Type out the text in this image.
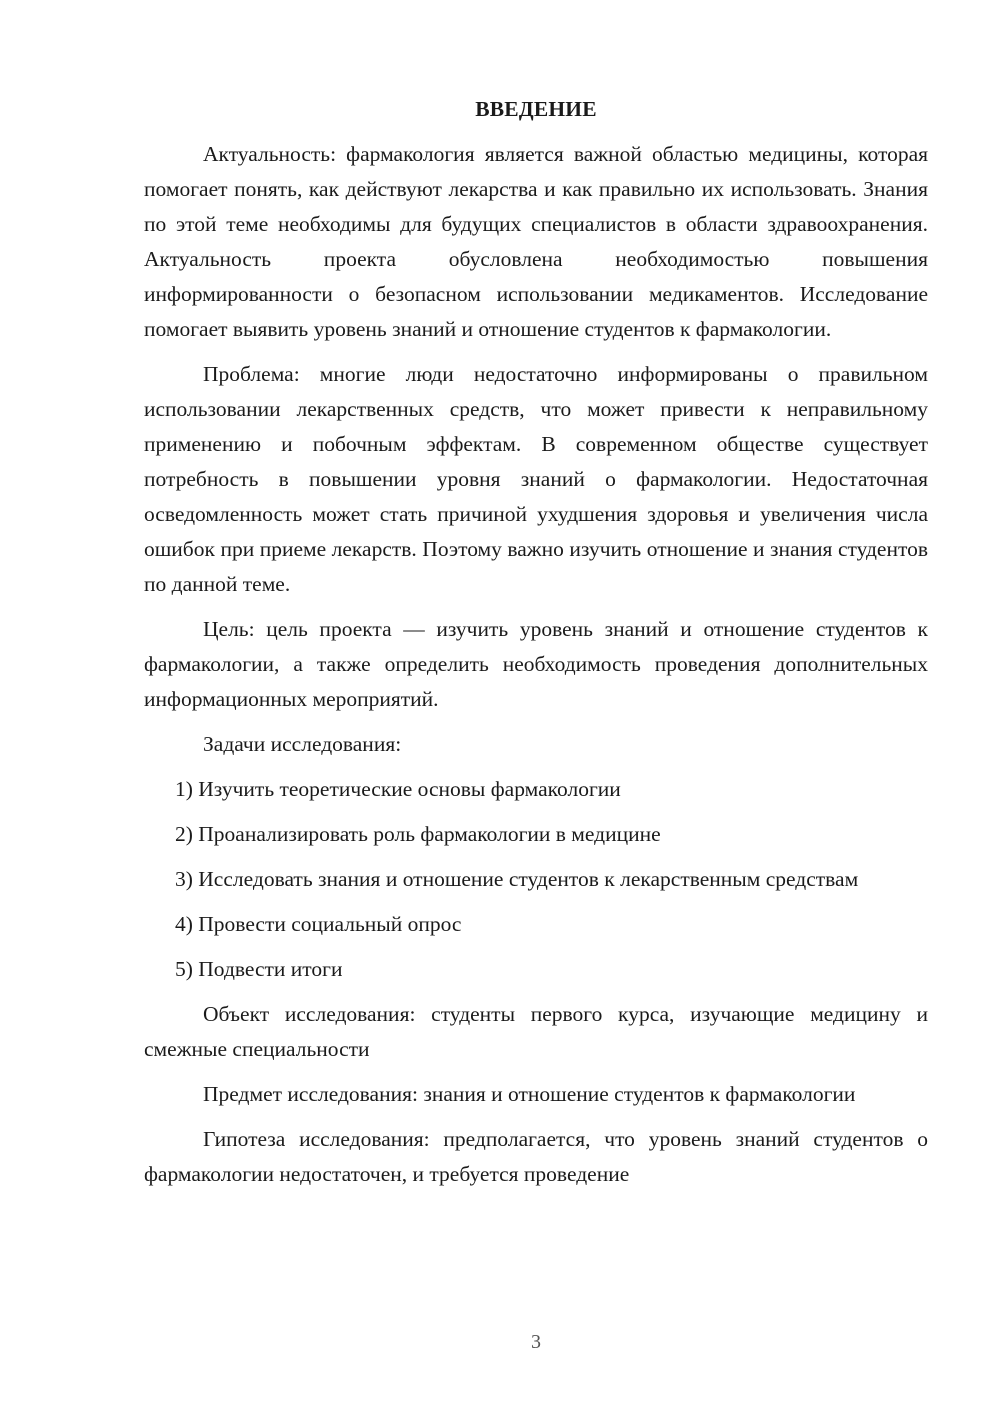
ВВЕДЕНИЕ

Актуальность: фармакология является важной областью медицины, которая помогает понять, как действуют лекарства и как правильно их использовать. Знания по этой теме необходимы для будущих специалистов в области здравоохранения. Актуальность проекта обусловлена необходимостью повышения информированности о безопасном использовании медикаментов. Исследование помогает выявить уровень знаний и отношение студентов к фармакологии.

Проблема: многие люди недостаточно информированы о правильном использовании лекарственных средств, что может привести к неправильному применению и побочным эффектам. В современном обществе существует потребность в повышении уровня знаний о фармакологии. Недостаточная осведомленность может стать причиной ухудшения здоровья и увеличения числа ошибок при приеме лекарств. Поэтому важно изучить отношение и знания студентов по данной теме.

Цель: цель проекта — изучить уровень знаний и отношение студентов к фармакологии, а также определить необходимость проведения дополнительных информационных мероприятий.

Задачи исследования:

1) Изучить теоретические основы фармакологии

2) Проанализировать роль фармакологии в медицине

3) Исследовать знания и отношение студентов к лекарственным средствам

4) Провести социальный опрос

5) Подвести итоги

Объект исследования: студенты первого курса, изучающие медицину и смежные специальности

Предмет исследования: знания и отношение студентов к фармакологии

Гипотеза исследования: предполагается, что уровень знаний студентов о фармакологии недостаточен, и требуется проведение

3
